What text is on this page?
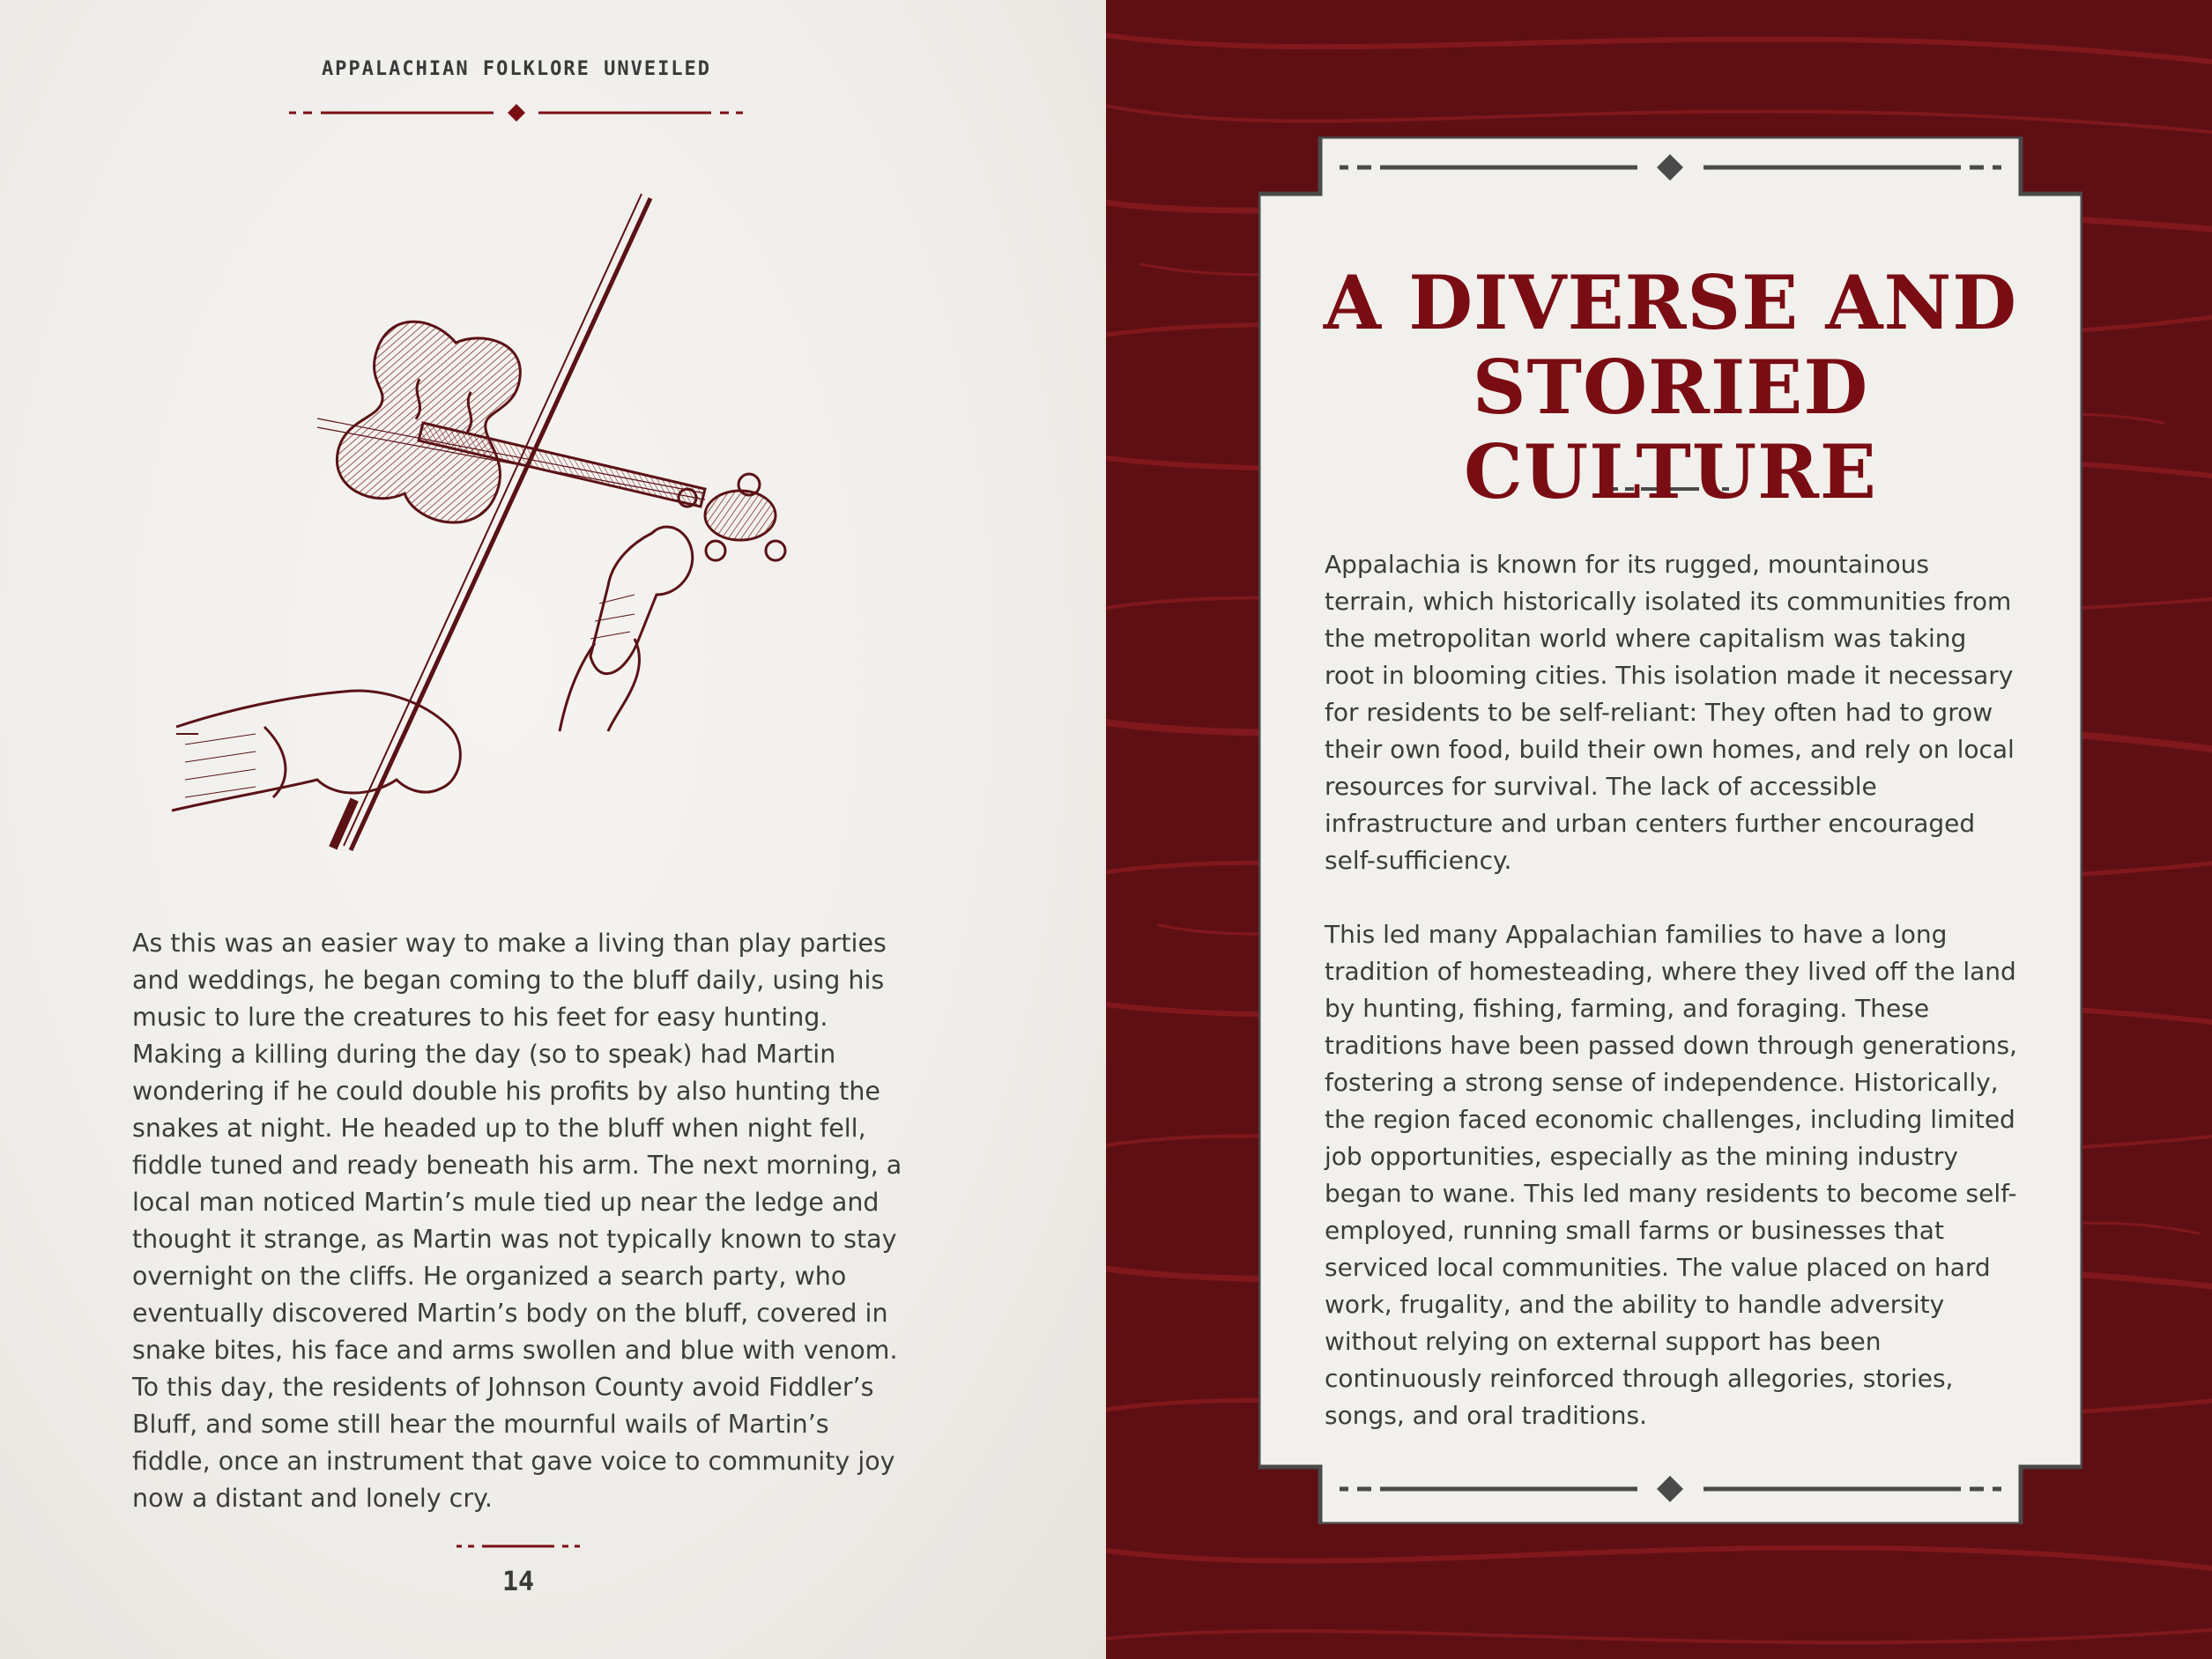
APPALACHIAN FOLKLORE UNVEILED

As this was an easier way to make a living than play parties and weddings, he began coming to the bluff daily, using his music to lure the creatures to his feet for easy hunting. Making a killing during the day (so to speak) had Martin wondering if he could double his profits by also hunting the snakes at night. He headed up to the bluff when night fell, fiddle tuned and ready beneath his arm. The next morning, a local man noticed Martin’s mule tied up near the ledge and thought it strange, as Martin was not typically known to stay overnight on the cliffs. He organized a search party, who eventually discovered Martin’s body on the bluff, covered in snake bites, his face and arms swollen and blue with venom. To this day, the residents of Johnson County avoid Fiddler’s Bluff, and some still hear the mournful wails of Martin’s fiddle, once an instrument that gave voice to community joy now a distant and lonely cry.

14
A DIVERSE AND STORIED CULTURE

Appalachia is known for its rugged, mountainous terrain, which historically isolated its communities from the metropolitan world where capitalism was taking root in blooming cities. This isolation made it necessary for residents to be self-reliant: They often had to grow their own food, build their own homes, and rely on local resources for survival. The lack of accessible infrastructure and urban centers further encouraged self-sufficiency.

This led many Appalachian families to have a long tradition of homesteading, where they lived off the land by hunting, fishing, farming, and foraging. These traditions have been passed down through generations, fostering a strong sense of independence. Historically, the region faced economic challenges, including limited job opportunities, especially as the mining industry began to wane. This led many residents to become self-employed, running small farms or businesses that serviced local communities. The value placed on hard work, frugality, and the ability to handle adversity without relying on external support has been continuously reinforced through allegories, stories, songs, and oral traditions.
